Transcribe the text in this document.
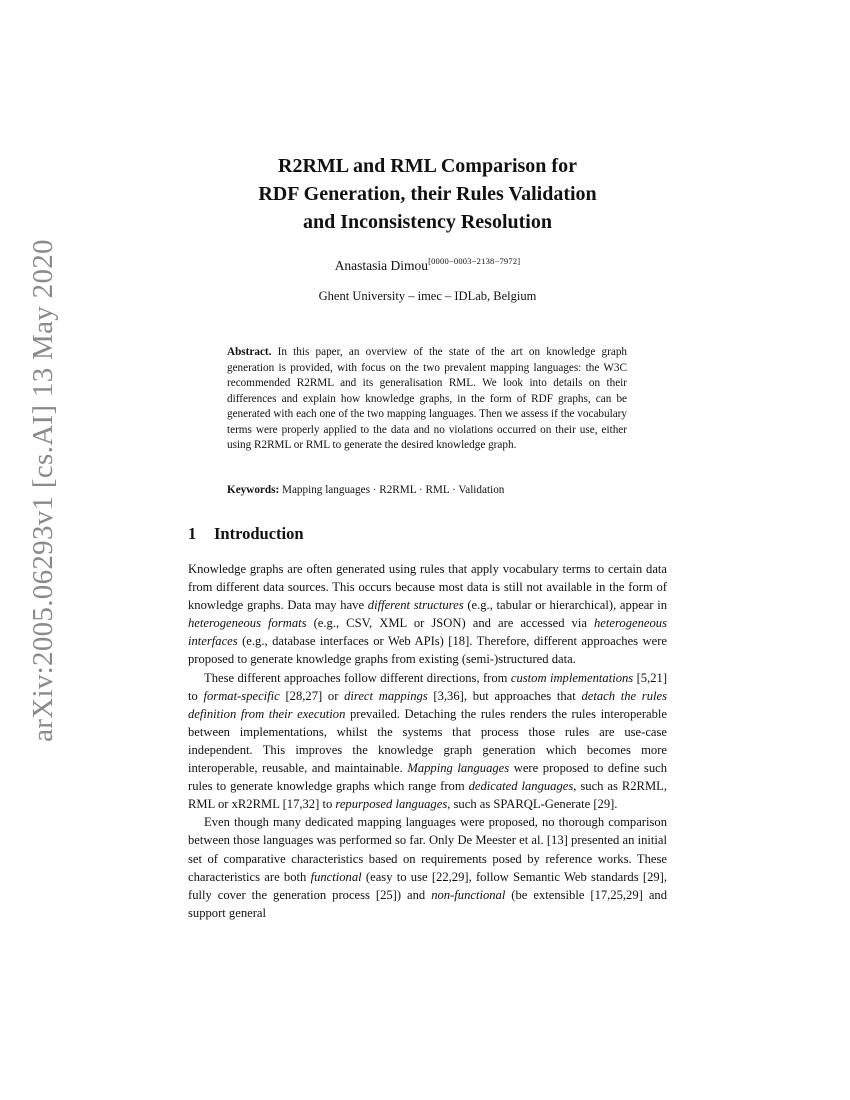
arXiv:2005.06293v1 [cs.AI] 13 May 2020
R2RML and RML Comparison for
RDF Generation, their Rules Validation
and Inconsistency Resolution
Anastasia Dimou[0000−0003−2138−7972]
Ghent University – imec – IDLab, Belgium
Abstract. In this paper, an overview of the state of the art on knowledge graph generation is provided, with focus on the two prevalent mapping languages: the W3C recommended R2RML and its generalisation RML. We look into details on their differences and explain how knowledge graphs, in the form of RDF graphs, can be generated with each one of the two mapping languages. Then we assess if the vocabulary terms were properly applied to the data and no violations occurred on their use, either using R2RML or RML to generate the desired knowledge graph.
Keywords: Mapping languages · R2RML · RML · Validation
1 Introduction

Knowledge graphs are often generated using rules that apply vocabulary terms to certain data from different data sources. This occurs because most data is still not available in the form of knowledge graphs. Data may have different structures (e.g., tabular or hierarchical), appear in heterogeneous formats (e.g., CSV, XML or JSON) and are accessed via heterogeneous interfaces (e.g., database interfaces or Web APIs) [18]. Therefore, different approaches were proposed to generate knowledge graphs from existing (semi-)structured data.

These different approaches follow different directions, from custom implementations [5,21] to format-specific [28,27] or direct mappings [3,36], but approaches that detach the rules definition from their execution prevailed. Detaching the rules renders the rules interoperable between implementations, whilst the systems that process those rules are use-case independent. This improves the knowledge graph generation which becomes more interoperable, reusable, and maintainable. Mapping languages were proposed to define such rules to generate knowledge graphs which range from dedicated languages, such as R2RML, RML or xR2RML [17,32] to repurposed languages, such as SPARQL-Generate [29].

Even though many dedicated mapping languages were proposed, no thorough comparison between those languages was performed so far. Only De Meester et al. [13] presented an initial set of comparative characteristics based on requirements posed by reference works. These characteristics are both functional (easy to use [22,29], follow Semantic Web standards [29], fully cover the generation process [25]) and non-functional (be extensible [17,25,29] and support general
